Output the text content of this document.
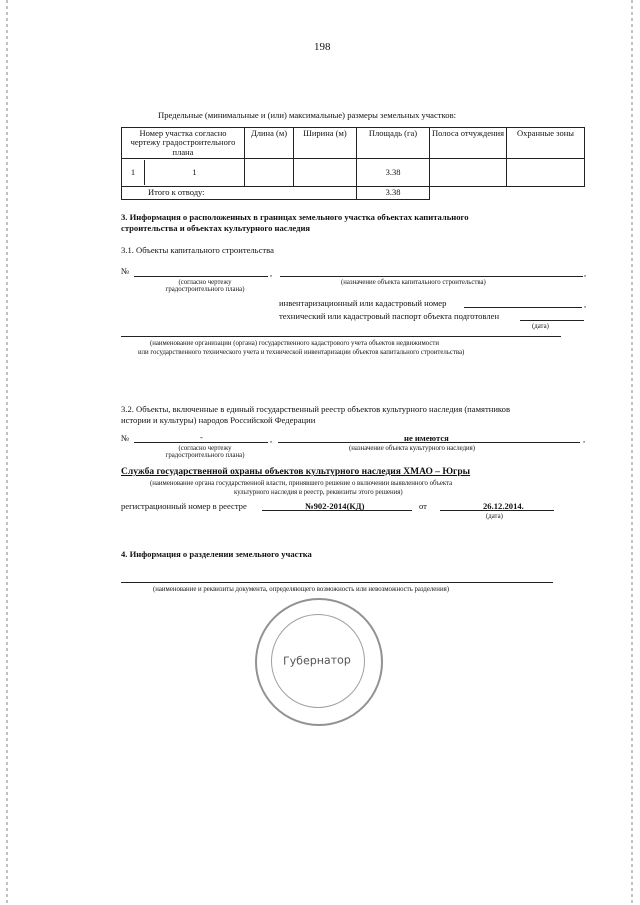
198
Предельные (минимальные и (или) максимальные) размеры земельных участков:
Номер участка согласно чертежу градостроительного плана	Длина (м)	Ширина (м)	Площадь (га)	Полоса отчуждения	Охранные зоны

1 1			3.38		
Итого к отводу:			3.38		
3. Информация о расположенных в границах земельного участка объектах капитального
строительства и объектах культурного наследия
3.1. Объекты капитального строительства
№	,	,
(согласно чертежу
градостроительного плана)
(назначение объекта капитального строительства)
инвентаризационный или кадастровый номер	,
технический или кадастровый паспорт объекта подготовлен
(дата)
(наименование организации (органа) государственного кадастрового учета объектов недвижимости
или государственного технического учета и технической инвентаризации объектов капитального строительства)
3.2. Объекты, включенные в единый государственный реестр объектов культурного наследия (памятников
истории и культуры) народов Российской Федерации
№	-	,	не имеются	,
(согласно чертежу
градостроительного плана)
(назначение объекта культурного наследия)
Служба государственной охраны объектов культурного наследия ХМАО – Югры
(наименование органа государственной власти, принявшего решение о включении выявленного объекта
культурного наследия в реестр, реквизиты этого решения)
регистрационный номер в реестре	№902-2014(КД)	от	26.12.2014.
(дата)
4. Информация о разделении земельного участка
(наименование и реквизиты документа, определяющего возможность или невозможность разделения)
Губернатор
